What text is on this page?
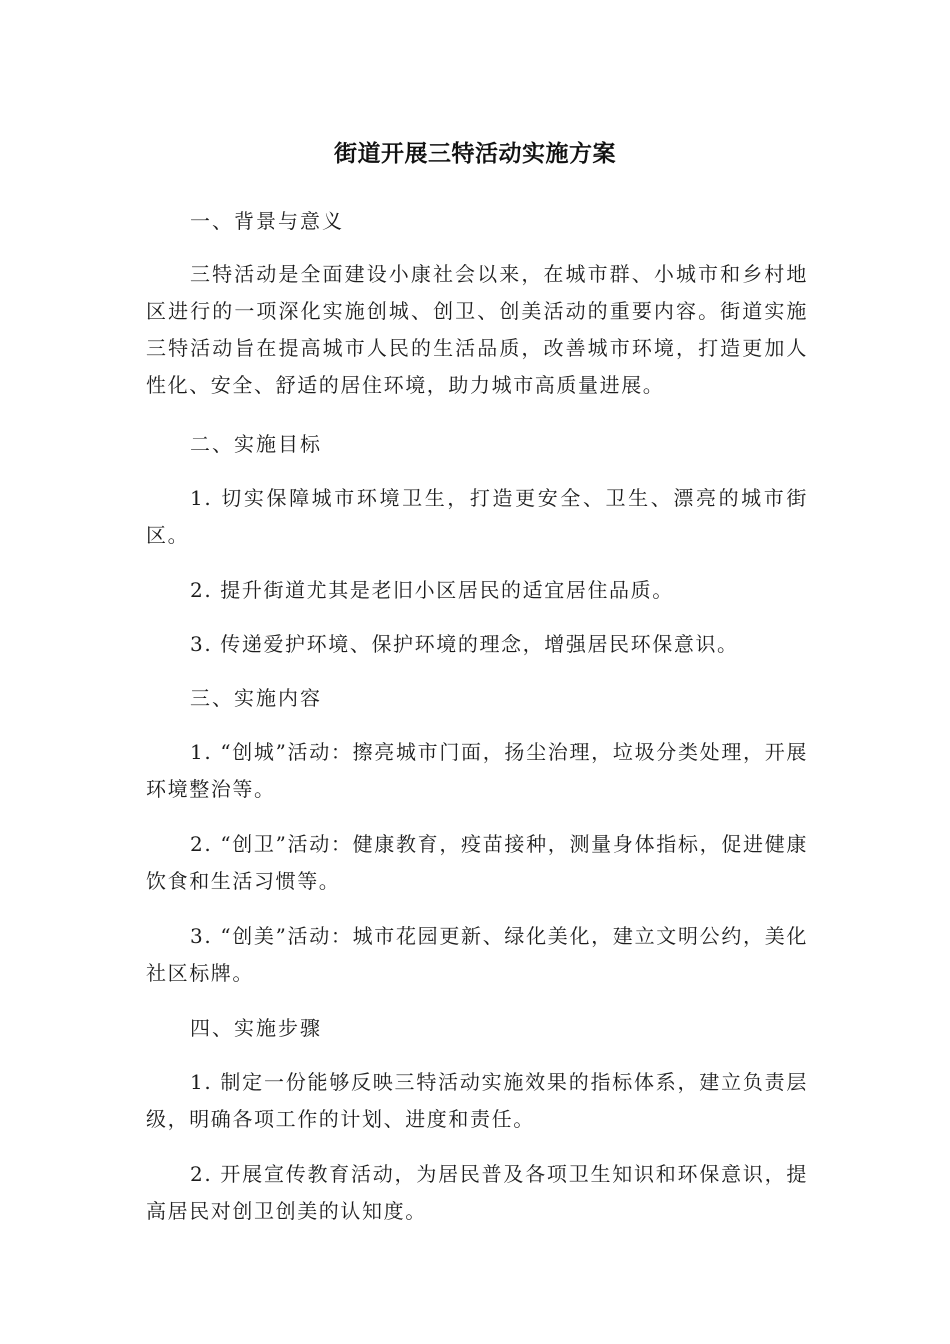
街道开展三特活动实施方案
一、背景与意义
三特活动是全面建设小康社会以来，在城市群、小城市和乡村地区进行的一项深化实施创城、创卫、创美活动的重要内容。街道实施三特活动旨在提高城市人民的生活品质，改善城市环境，打造更加人性化、安全、舒适的居住环境，助力城市高质量进展。
二、实施目标
1. 切实保障城市环境卫生，打造更安全、卫生、漂亮的城市街区。
2. 提升街道尤其是老旧小区居民的适宜居住品质。
3. 传递爱护环境、保护环境的理念，增强居民环保意识。
三、实施内容
1. “创城”活动：擦亮城市门面，扬尘治理，垃圾分类处理，开展环境整治等。
2. “创卫”活动：健康教育，疫苗接种，测量身体指标，促进健康饮食和生活习惯等。
3. “创美”活动：城市花园更新、绿化美化，建立文明公约，美化社区标牌。
四、实施步骤
1. 制定一份能够反映三特活动实施效果的指标体系，建立负责层级，明确各项工作的计划、进度和责任。
2. 开展宣传教育活动，为居民普及各项卫生知识和环保意识，提高居民对创卫创美的认知度。
